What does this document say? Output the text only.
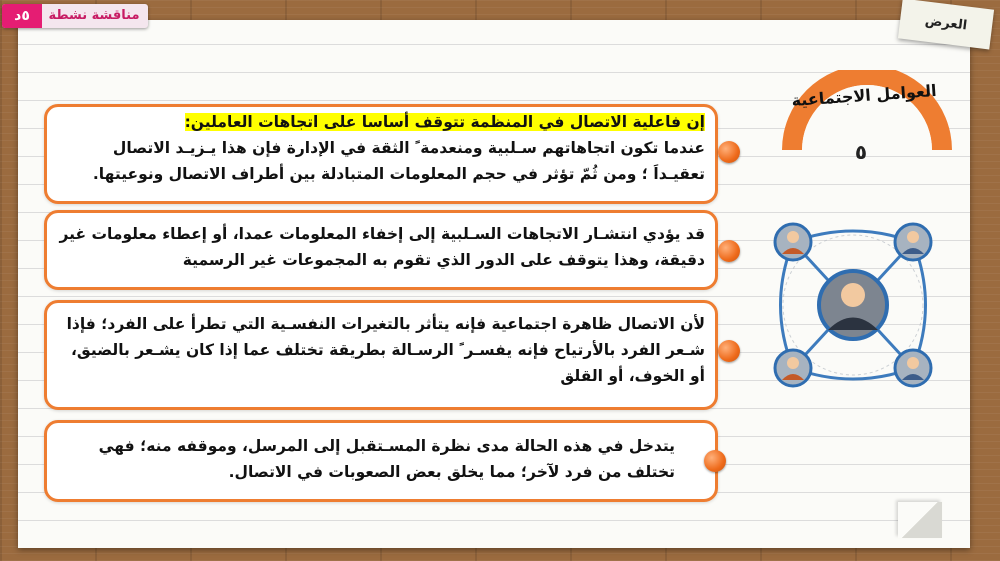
٥د	مناقشة نشطة	العرض
العوامل الاجتماعية
٥

إن فاعلية الاتصال في المنظمة تتوقف أساسا على اتجاهات العاملين:

عندما تكون اتجاهاتهم سـلبية ومنعدمة ً الثقة في الإدارة فإن هذا يـزيـد الاتصال تعقيـداَ ؛ ومن ثُمّ تؤثر في حجم المعلومات المتبادلة بين أطراف الاتصال ونوعيتها.

قد يؤدي انتشـار الاتجاهات السـلبية إلى إخفاء المعلومات عمدا، أو إعطاء معلومات غير دقيقة، وهذا يتوقف على الدور الذي تقوم به المجموعات غير الرسمية

لأن الاتصال ظاهرة اجتماعية فإنه يتأثر بالتغيرات النفسـية التي تطرأ على الفرد؛ فإذا شـعر الفرد بالأرتياح فإنه يفسـر ً الرسـالة بطريقة تختلف عما إذا كان يشـعر بالضيق، أو الخوف، أو القلق

يتدخل في هذه الحالة مدى نظرة المسـتقبل إلى المرسل، وموقفه منه؛ فهي تختلف من فرد لآخر؛ مما يخلق بعض الصعوبات في الاتصال.
